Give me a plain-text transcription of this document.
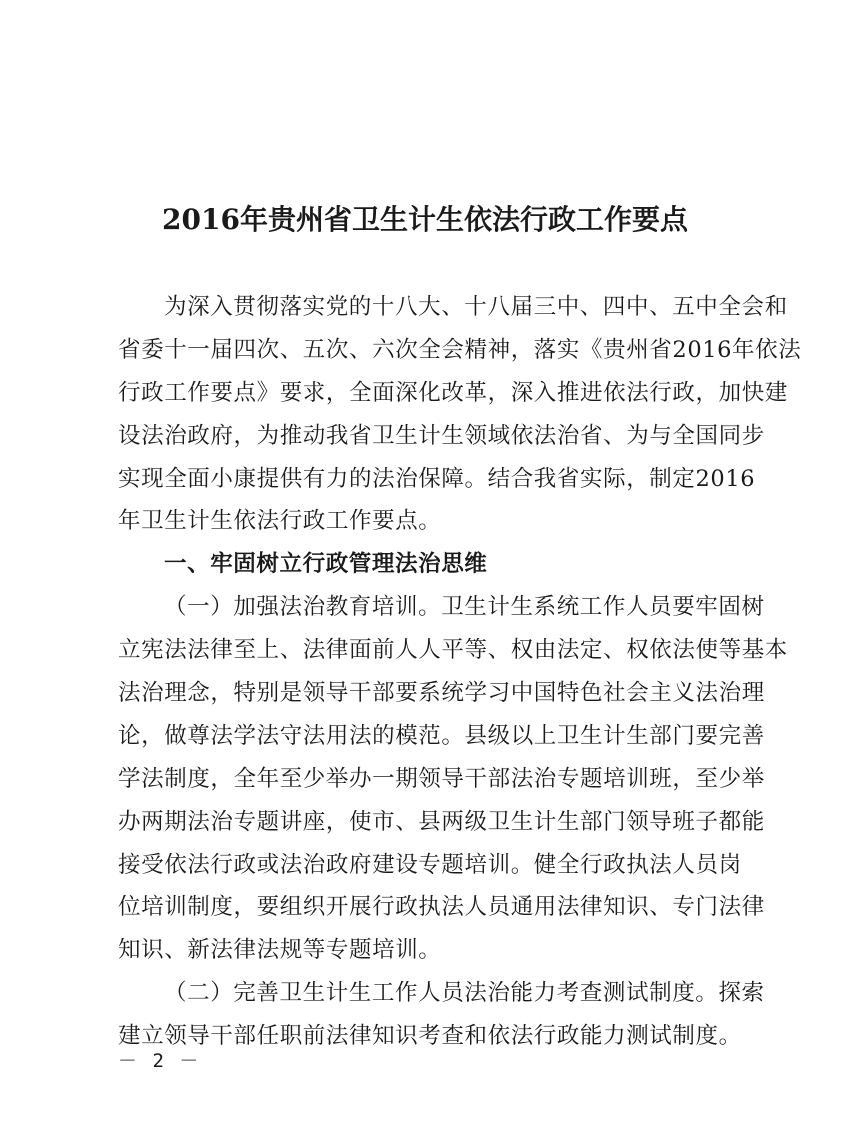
2016年贵州省卫生计生依法行政工作要点
为深入贯彻落实党的十八大、十八届三中、四中、五中全会和
省委十一届四次、五次、六次全会精神，落实《贵州省2016年依法
行政工作要点》要求，全面深化改革，深入推进依法行政，加快建
设法治政府，为推动我省卫生计生领域依法治省、为与全国同步
实现全面小康提供有力的法治保障。结合我省实际，制定2016
年卫生计生依法行政工作要点。
一、牢固树立行政管理法治思维
（一）加强法治教育培训。卫生计生系统工作人员要牢固树
立宪法法律至上、法律面前人人平等、权由法定、权依法使等基本
法治理念，特别是领导干部要系统学习中国特色社会主义法治理
论，做尊法学法守法用法的模范。县级以上卫生计生部门要完善
学法制度，全年至少举办一期领导干部法治专题培训班，至少举
办两期法治专题讲座，使市、县两级卫生计生部门领导班子都能
接受依法行政或法治政府建设专题培训。健全行政执法人员岗
位培训制度，要组织开展行政执法人员通用法律知识、专门法律
知识、新法律法规等专题培训。
（二）完善卫生计生工作人员法治能力考查测试制度。探索
建立领导干部任职前法律知识考查和依法行政能力测试制度。
－ 2 －
